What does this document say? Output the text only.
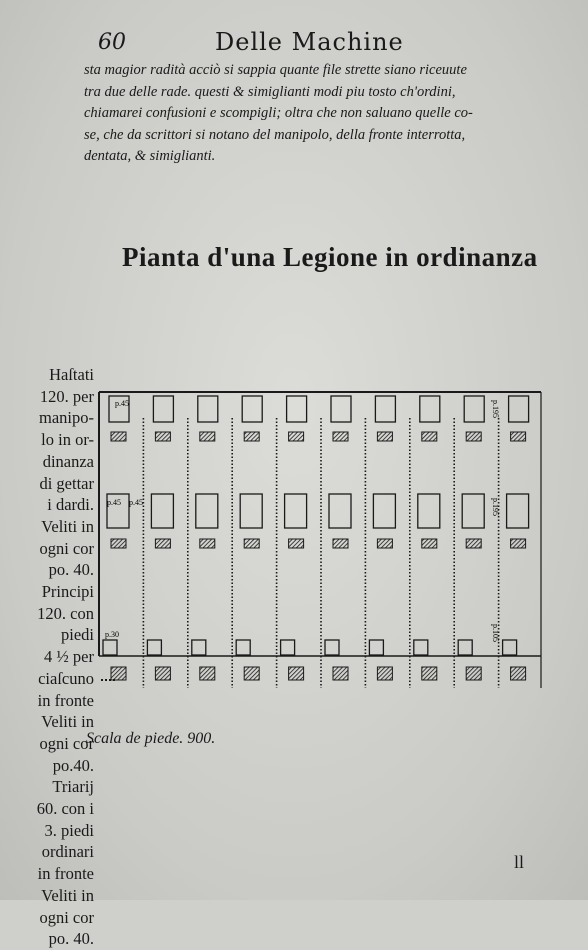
60	Delle Machine
sta magior radità acciò si sappia quante file strette siano riceuute
tra due delle rade. questi & simiglianti modi piu tosto ch'ordini,
chiamarei confusioni e scompigli; oltra che non saluano quelle co-
se, che da scrittori si notano del manipolo, della fronte interrotta,
dentata, & simiglianti.
Pianta d'una Legione in ordinanza
Haſtati
120. per
manipo-
lo in or-
dinanza
di gettar
i dardi.
Veliti in
ogni cor
po. 40.
Principi
120. con
piedi
4 ½ per
ciaſcuno
in fronte
Veliti in
ogni cor
po.40.
Triarij
60. con i
3. piedi
ordinari
in fronte
Veliti in
ogni cor
po. 40.
p.45
p.45 p.45
p.30
p.195
p.195
p.105
Scala de piede. 900.
ll
